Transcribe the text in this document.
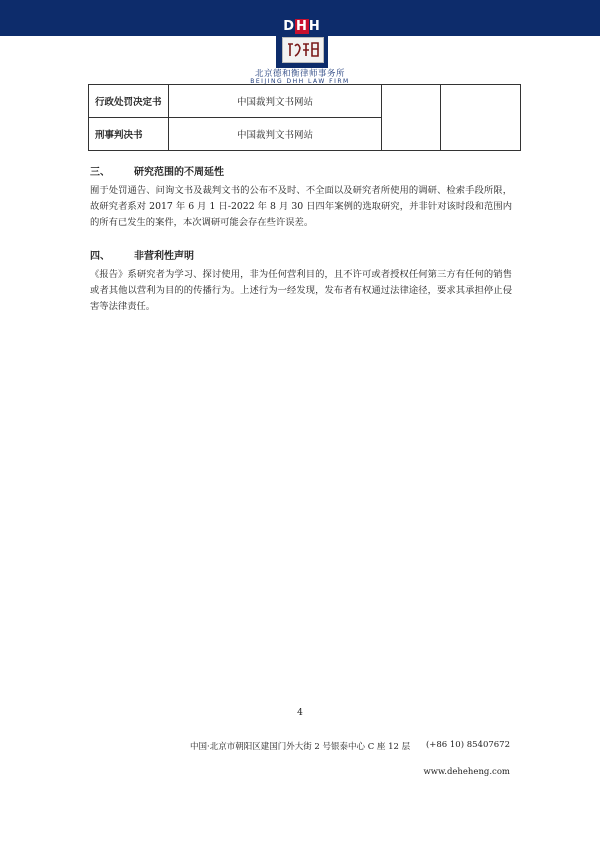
DHH
北京德和衡律师事务所
BEIJING DHH LAW FIRM
行政处罚决定书	中国裁判文书网站		
刑事判决书	中国裁判文书网站		
三、 研究范围的不周延性
囿于处罚通告、问询文书及裁判文书的公布不及时、不全面以及研究者所使用的调研、检索手段所限，故研究者系对 2017 年 6 月 1 日-2022 年 8 月 30 日四年案例的选取研究，并非针对该时段和范围内的所有已发生的案件，本次调研可能会存在些许误差。
四、 非营利性声明
《报告》系研究者为学习、探讨使用，非为任何营利目的，且不许可或者授权任何第三方有任何的销售或者其他以营利为目的的传播行为。上述行为一经发现，发布者有权通过法律途径，要求其承担停止侵害等法律责任。
4
中国·北京市朝阳区建国门外大街 2 号银泰中心 C 座 12 层 (+86 10) 85407672
www.deheheng.com
